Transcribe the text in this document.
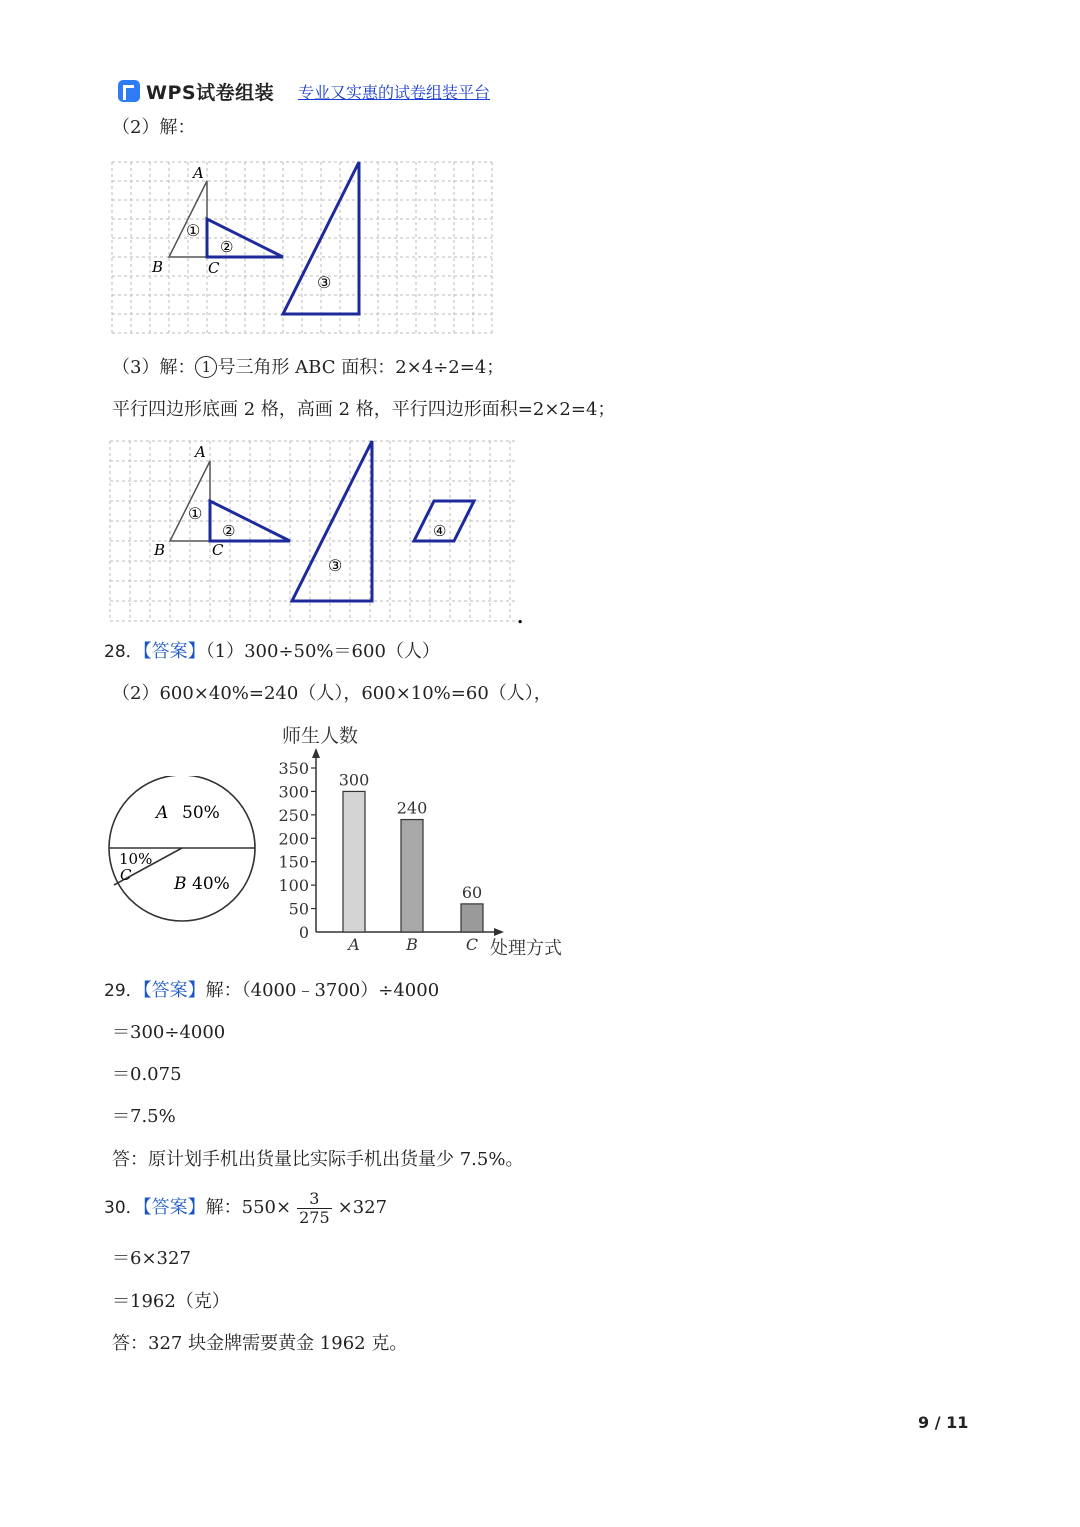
WPS试卷组装 专业又实惠的试卷组装平台
（2）解：
A
B	C
①
②
③
（3）解： 1 号三角形 ABC 面积：2×4÷2=4；
平行四边形底画 2 格，高画 2 格，平行四边形面积=2×2=4；
A
B	C
①
②
③
④
.
28．【答案】（1）300÷50%＝600（人）
（2）600×40%=240（人），600×10%=60（人），
A 50%
B 40%
10%
C
师生人数
0
50
100
150
200
250
300
350
300
A
240
B
60
C 处理方式
29．【答案】解：（4000﹣3700）÷4000
＝300÷4000
＝0.075
＝7.5%
答：原计划手机出货量比实际手机出货量少 7.5%。
30．【答案】解：$550\times \frac{3}{275} \times 327$
＝6×327
＝1962（克）
答：327 块金牌需要黄金 1962 克。
9 / 11
